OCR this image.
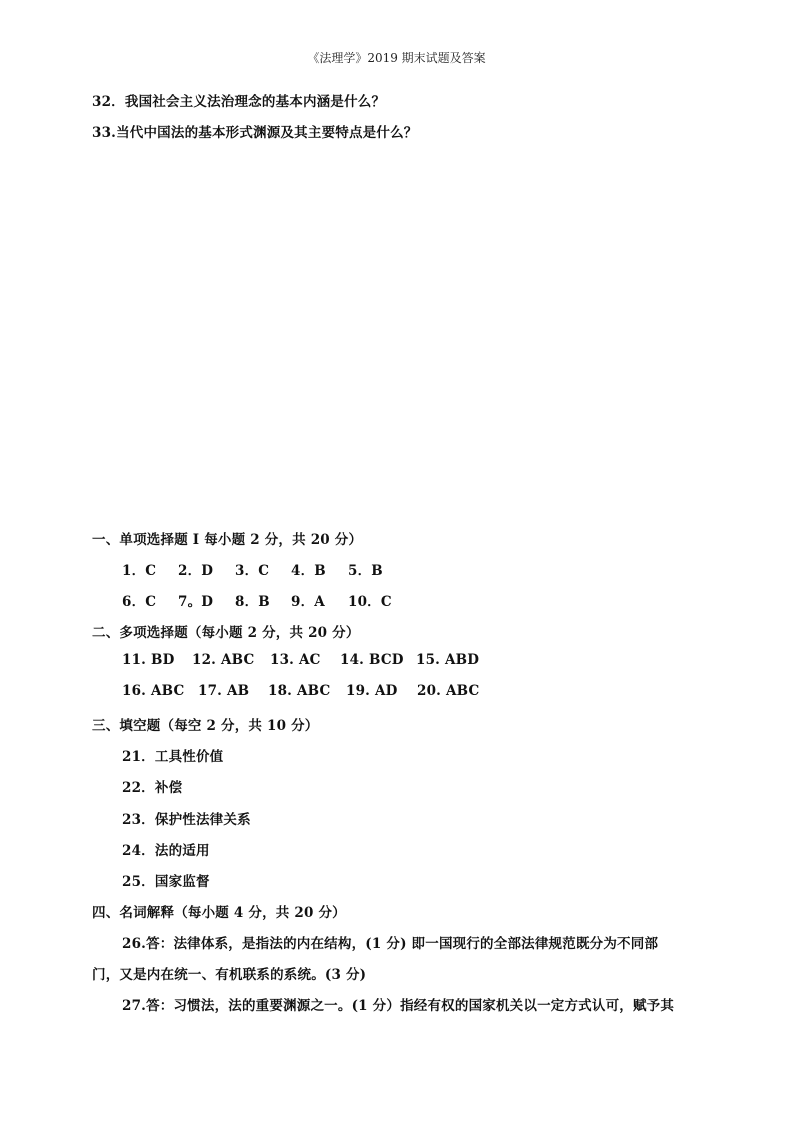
《法理学》2019 期末试题及答案
32．我国社会主义法治理念的基本内涵是什么？
33.当代中国法的基本形式渊源及其主要特点是什么？
一、单项选择题 I 每小题 2 分，共 20 分）
1．C 2．D 3．C 4．B 5．B
6．C 7。D 8．B 9．A 10．C
二、多项选择题（每小题 2 分，共 20 分）
11. BD 12. ABC 13. AC 14. BCD 15. ABD
16. ABC 17. AB 18. ABC 19. AD 20. ABC
三、填空题（每空 2 分，共 10 分）
21．工具性价值
22．补偿
23．保护性法律关系
24．法的适用
25．国家监督
四、名词解释（每小题 4 分，共 20 分）
26.答：法律体系，是指法的内在结构，(1 分) 即一国现行的全部法律规范既分为不同部
门，又是内在统一、有机联系的系统。(3 分)
27.答：习惯法，法的重要渊源之一。(1 分）指经有权的国家机关以一定方式认可，赋予其
